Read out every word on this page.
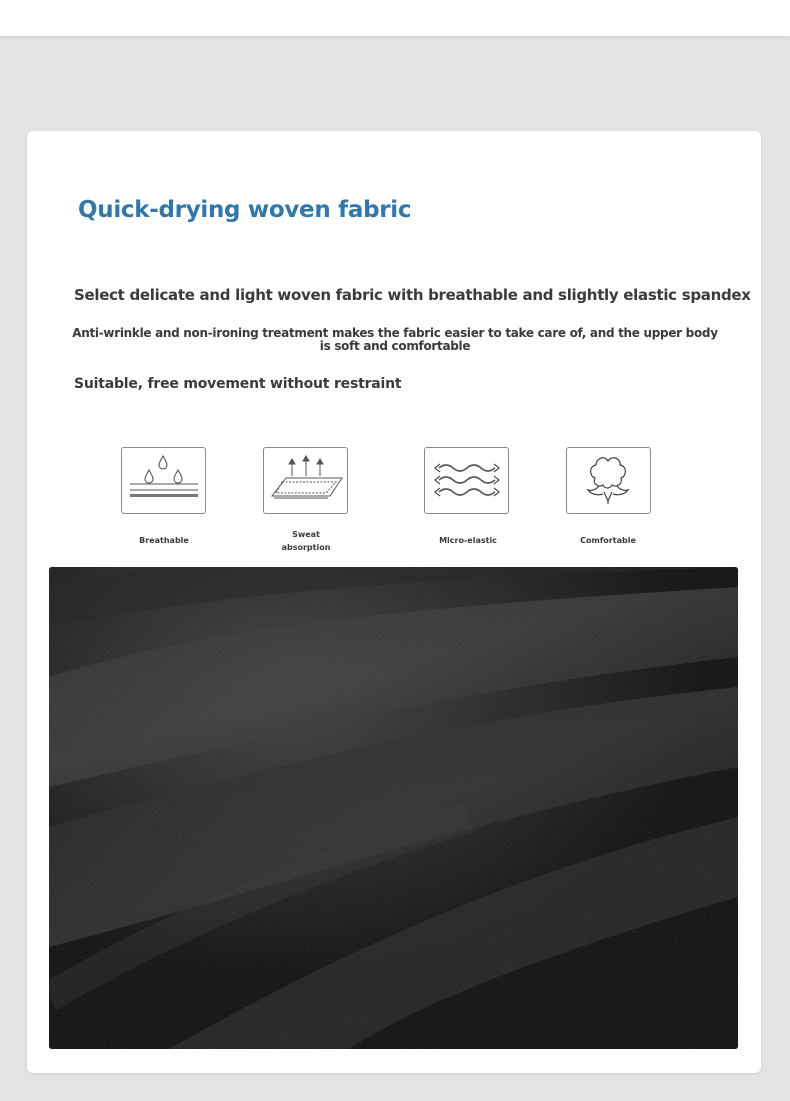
Quick-drying woven fabric
Select delicate and light woven fabric with breathable and slightly elastic spandex
Anti-wrinkle and non-ironing treatment makes the fabric easier to take care of, and the upper body is soft and comfortable
Suitable, free movement without restraint
Breathable
Sweat absorption
Micro-elastic	Comfortable
